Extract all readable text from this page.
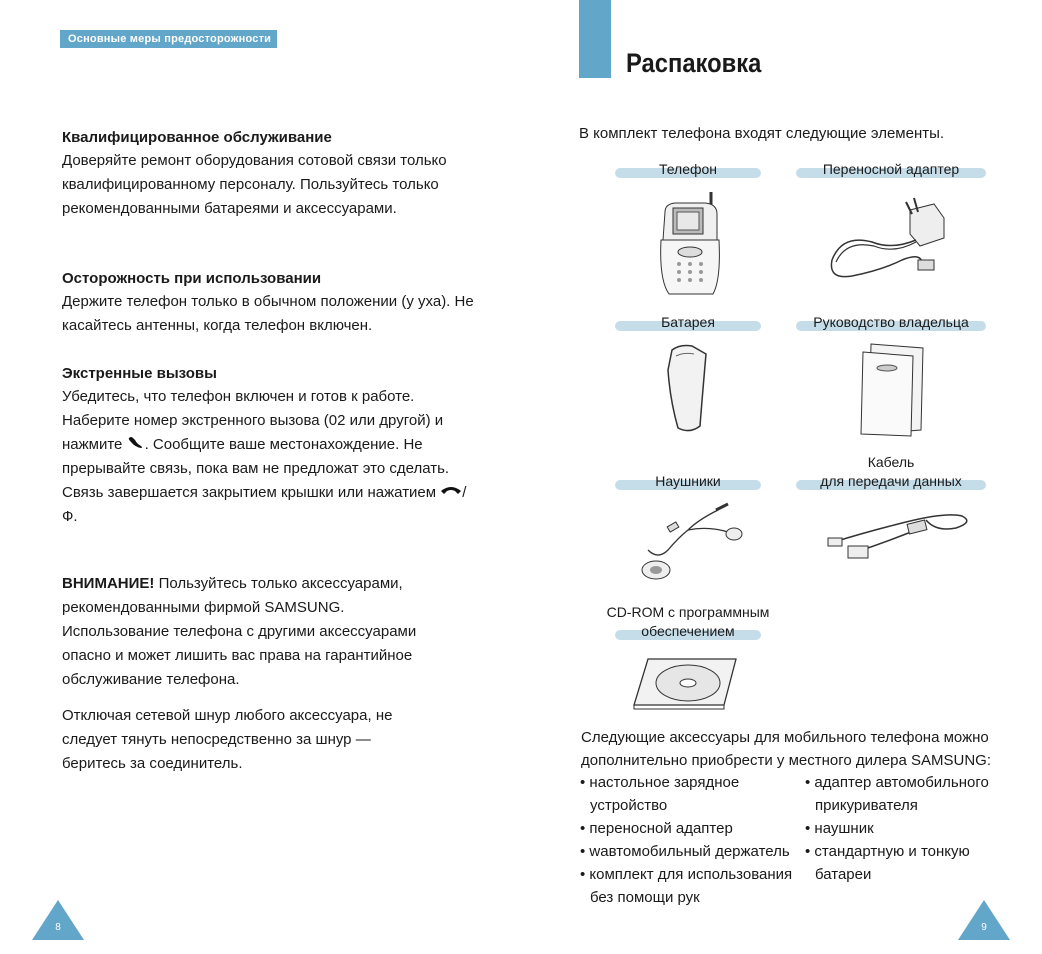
Основные меры предосторожности
Распаковка
Квалифицированное обслуживание

Доверяйте ремонт оборудования сотовой связи только квалифицированному персоналу. Пользуйтесь только рекомендованными батареями и аксессуарами.

Осторожность при использовании

Держите телефон только в обычном положении (у уха). Не касайтесь антенны, когда телефон включен.

Экстренные вызовы

Убедитесь, что телефон включен и готов к работе. Наберите номер экстренного вызова (02 или другой) и нажмите . Сообщите ваше местонахождение. Не прерывайте связь, пока вам не предложат это сделать. Связь завершается закрытием крышки или нажатием /Ф.

ВНИМАНИЕ! Пользуйтесь только аксессуарами, рекомендованными фирмой SAMSUNG. Использование телефона с другими аксессуарами опасно и может лишить вас права на гарантийное обслуживание телефона.
Отключая сетевой шнур любого аксессуара, не следует тянуть непосредственно за шнур — беритесь за соединитель.
8
В комплект телефона входят следующие элементы.
Телефон	Переносной адаптер
Батарея	Руководство владельца
Наушники
Кабель
для передачи данных
CD-ROM с программным
обеспечением
Следующие аксессуары для мобильного телефона можно дополнительно приобрести у местного дилера SAMSUNG:
• настольное зарядное устройство
• переносной адаптер
• wавтомобильный держатель
• комплект для использования без помощи рук
• адаптер автомобильного прикуривателя
• наушник
• стандартную и тонкую батареи
9
